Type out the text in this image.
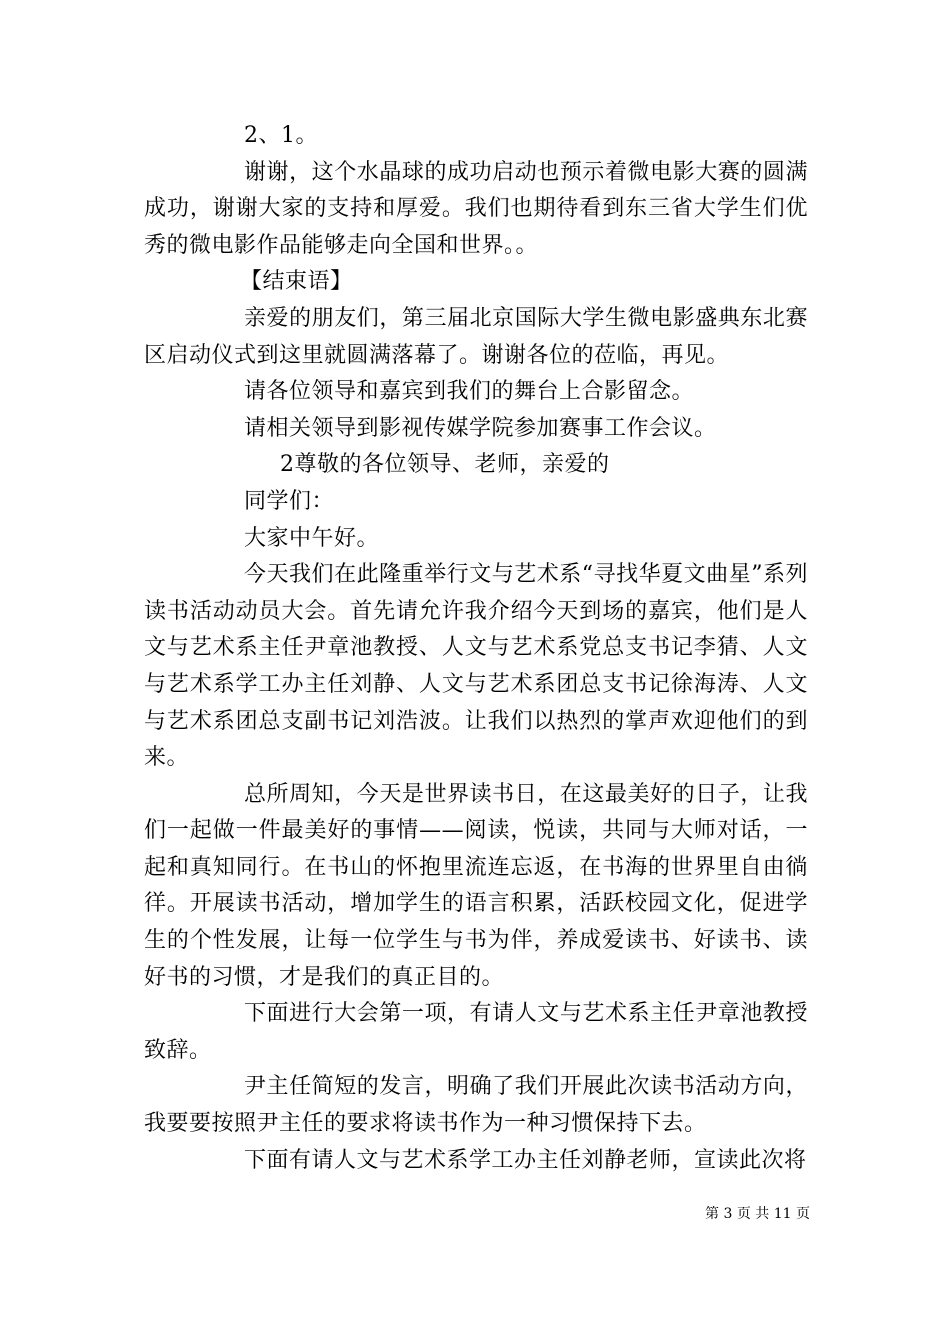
2、1。

谢谢，这个水晶球的成功启动也预示着微电影大赛的圆满成功，谢谢大家的支持和厚爱。我们也期待看到东三省大学生们优秀的微电影作品能够走向全国和世界。。

【结束语】

亲爱的朋友们，第三届北京国际大学生微电影盛典东北赛区启动仪式到这里就圆满落幕了。谢谢各位的莅临，再见。

请各位领导和嘉宾到我们的舞台上合影留念。

请相关领导到影视传媒学院参加赛事工作会议。

2尊敬的各位领导、老师，亲爱的

同学们：

大家中午好。

今天我们在此隆重举行文与艺术系“寻找华夏文曲星”系列读书活动动员大会。首先请允许我介绍今天到场的嘉宾，他们是人文与艺术系主任尹章池教授、人文与艺术系党总支书记李猜、人文与艺术系学工办主任刘静、人文与艺术系团总支书记徐海涛、人文与艺术系团总支副书记刘浩波。让我们以热烈的掌声欢迎他们的到来。

总所周知，今天是世界读书日，在这最美好的日子，让我们一起做一件最美好的事情——阅读，悦读，共同与大师对话，一起和真知同行。在书山的怀抱里流连忘返，在书海的世界里自由徜徉。开展读书活动，增加学生的语言积累，活跃校园文化，促进学生的个性发展，让每一位学生与书为伴，养成爱读书、好读书、读好书的习惯，才是我们的真正目的。

下面进行大会第一项，有请人文与艺术系主任尹章池教授致辞。

尹主任简短的发言，明确了我们开展此次读书活动方向，我要要按照尹主任的要求将读书作为一种习惯保持下去。

下面有请人文与艺术系学工办主任刘静老师，宣读此次将

第 3 页 共 11 页
